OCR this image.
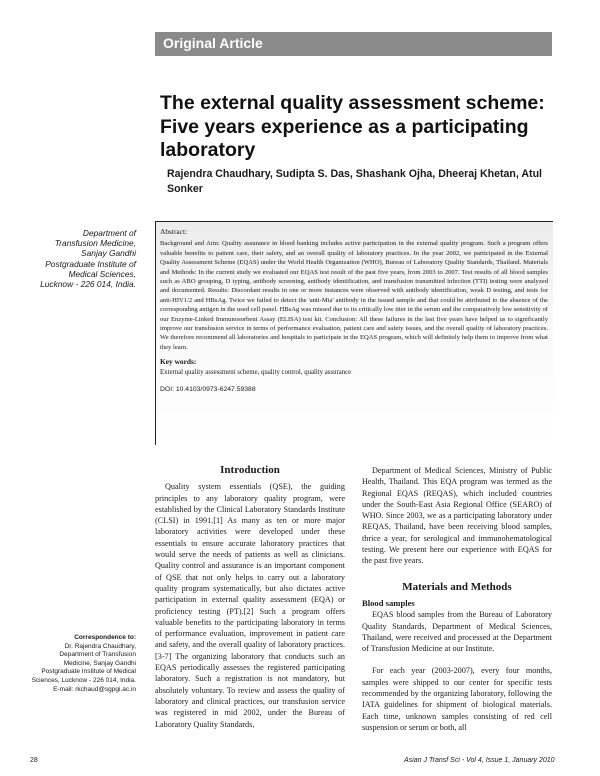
Original Article
The external quality assessment scheme: Five years experience as a participating laboratory
Rajendra Chaudhary, Sudipta S. Das, Shashank Ojha, Dheeraj Khetan, Atul Sonker
Department of Transfusion Medicine, Sanjay Gandhi Postgraduate Institute of Medical Sciences, Lucknow - 226 014, India.
Abstract:
Background and Aim: Quality assurance in blood banking includes active participation in the external quality program. Such a program offers valuable benefits to patient care, their safety, and an overall quality of laboratory practices. In the year 2002, we participated in the External Quality Assessment Scheme (EQAS) under the World Health Organization (WHO), Bureau of Laboratory Quality Standards, Thailand. Materials and Methods: In the current study we evaluated our EQAS test result of the past five years, from 2003 to 2007. Test results of all blood samples such as ABO grouping, D typing, antibody screening, antibody identification, and transfusion transmitted infection (TTI) testing were analyzed and documented. Results: Discordant results in one or more instances were observed with antibody identification, weak D testing, and tests for anti-HIV1/2 and HBsAg. Twice we failed to detect the 'anti-Mia' antibody in the issued sample and that could be attributed to the absence of the corresponding antigen in the used cell panel. HBsAg was missed due to its critically low titer in the serum and the comparatively low sensitivity of our Enzyme-Linked Immunosorbent Assay (ELISA) test kit. Conclusion: All these failures in the last five years have helped us to significantly improve our transfusion service in terms of performance evaluation, patient care and safety issues, and the overall quality of laboratory practices. We therefore recommend all laboratories and hospitals to participate in the EQAS program, which will definitely help them to improve from what they learn.
Key words:
External quality assessment scheme, quality control, quality assurance
DOI: 10.4103/0973-6247.59388
Introduction

Quality system essentials (QSE), the guiding principles to any laboratory quality program, were established by the Clinical Laboratory Standards Institute (CLSI) in 1991.[1] As many as ten or more major laboratory activities were developed under these essentials to ensure accurate laboratory practices that would serve the needs of patients as well as clinicians. Quality control and assurance is an important component of QSE that not only helps to carry out a laboratory quality program systematically, but also dictates active participation in external quality assessment (EQA) or proficiency testing (PT).[2] Such a program offers valuable benefits to the participating laboratory in terms of performance evaluation, improvement in patient care and safety, and the overall quality of laboratory practices.[3-7] The organizing laboratory that conducts such an EQAS periodically assesses the registered participating laboratory. Such a registration is not mandatory, but absolutely voluntary. To review and assess the quality of laboratory and clinical practices, our transfusion service was registered in mid 2002, under the Bureau of Laboratory Quality Standards,

Department of Medical Sciences, Ministry of Public Health, Thailand. This EQA program was termed as the Regional EQAS (REQAS), which included countries under the South-East Asia Regional Office (SEARO) of WHO. Since 2003, we as a participating laboratory under REQAS, Thailand, have been receiving blood samples, thrice a year, for serological and immunohematological testing. We present here our experience with EQAS for the past five years.

Materials and Methods
Blood samples

EQAS blood samples from the Bureau of Laboratory Quality Standards, Department of Medical Sciences, Thailand, were received and processed at the Department of Transfusion Medicine at our Institute.

For each year (2003-2007), every four months, samples were shipped to our center for specific tests recommended by the organizing laboratory, following the IATA guidelines for shipment of biological materials. Each time, unknown samples consisting of red cell suspension or serum or both, all

Correspondence to:
Dr. Rajendra Chaudhary, Department of Transfusion Medicine, Sanjay Gandhi Postgraduate Institute of Medical Sciences, Lucknow - 226 014, India. E-mail: rkchaud@sgpgi.ac.in
28	Asian J Transf Sci - Vol 4, Issue 1, January 2010
